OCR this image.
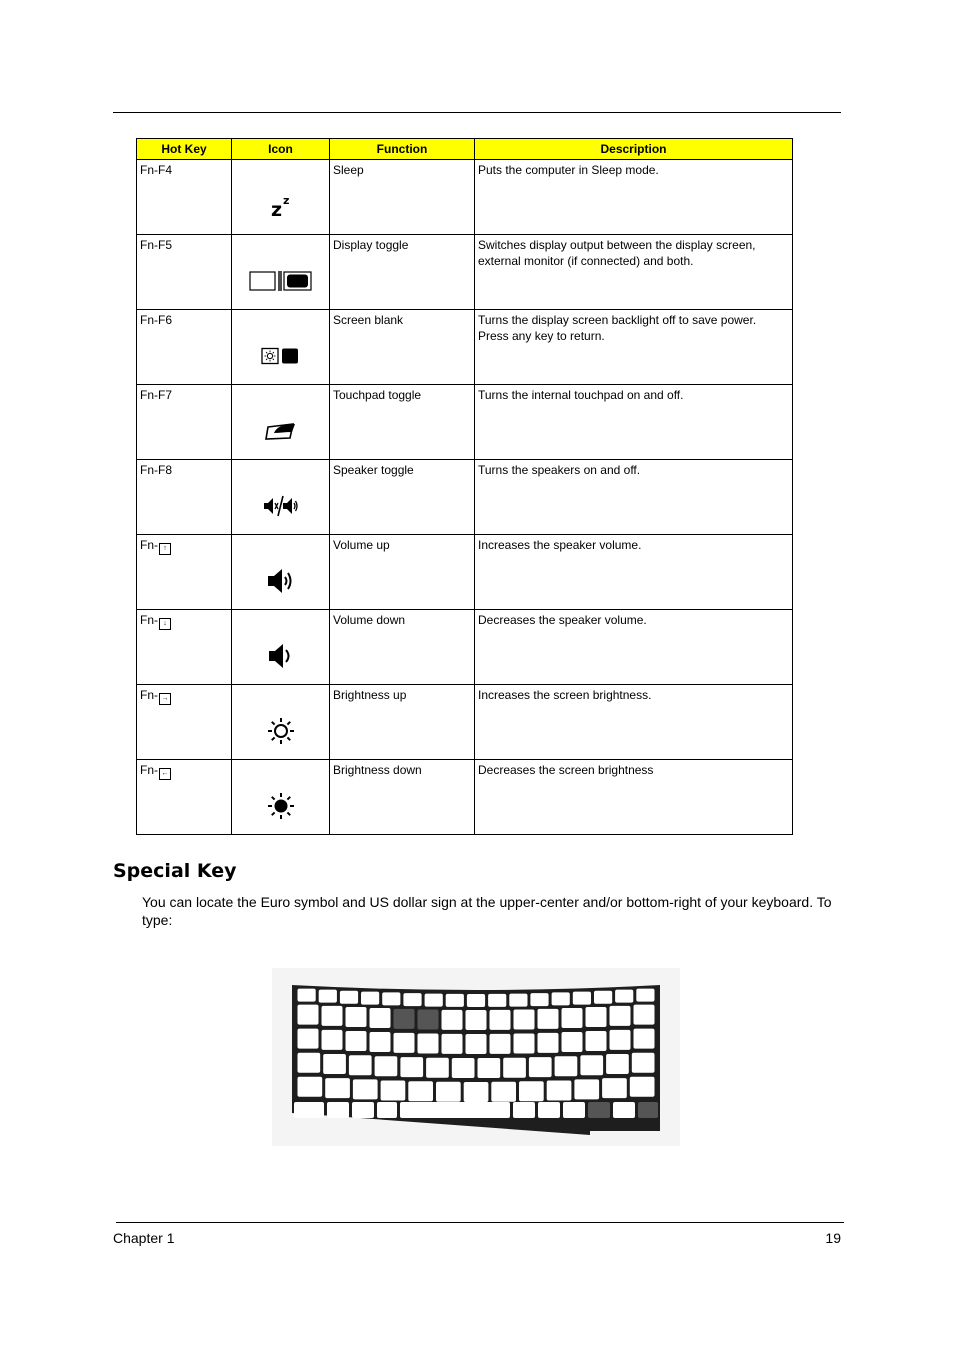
Hot Key	Icon	Function	Description
Fn-F4	z z	Sleep	Puts the computer in Sleep mode.
Fn-F5		Display toggle	Switches display output between the display screen, external monitor (if connected) and both.
Fn-F6		Screen blank	Turns the display screen backlight off to save power. Press any key to return.
Fn-F7		Touchpad toggle	Turns the internal touchpad on and off.
Fn-F8		Speaker toggle	Turns the speakers on and off.
Fn- ↑		Volume up	Increases the speaker volume.
Fn- ↓		Volume down	Decreases the speaker volume.
Fn- →		Brightness up	Increases the screen brightness.
Fn- ←		Brightness down	Decreases the screen brightness
Special Key

You can locate the Euro symbol and US dollar sign at the upper-center and/or bottom-right of your keyboard. To type:

Chapter 1	19
